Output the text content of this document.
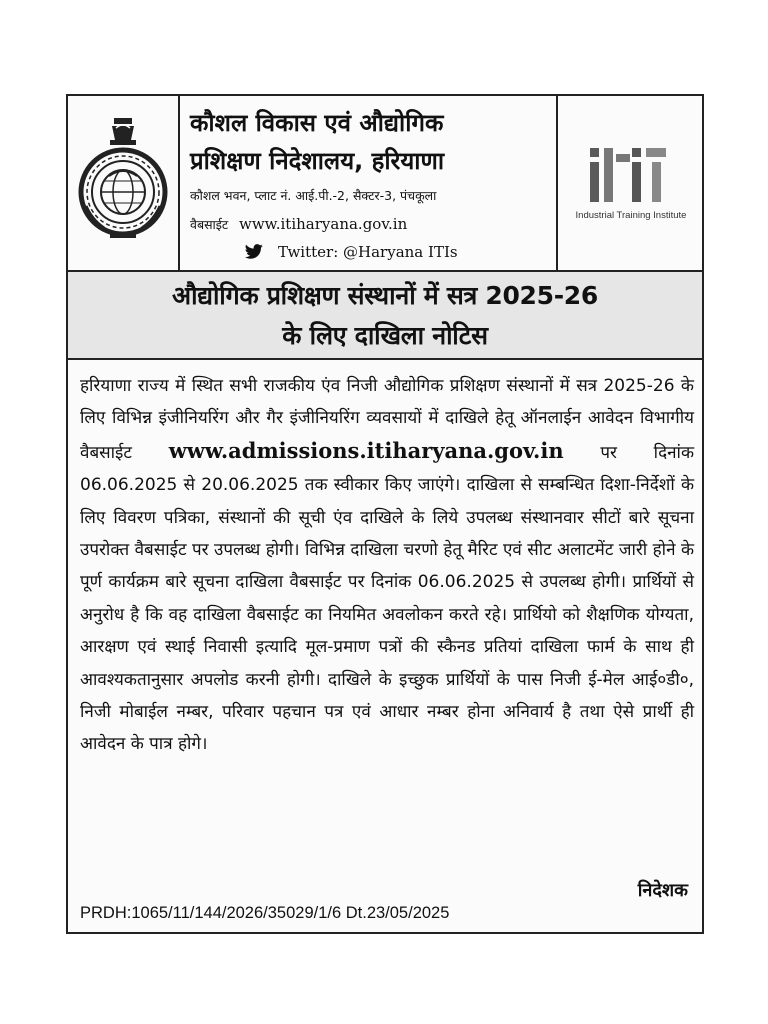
कौशल विकास एवं औद्योगिक
प्रशिक्षण निदेशालय, हरियाणा
कौशल भवन, प्लाट नं. आई.पी.-2, सैक्टर-3, पंचकूला
वैबसाईट www.itiharyana.gov.in
Twitter: @Haryana ITIs
Industrial Training Institute
औद्योगिक प्रशिक्षण संस्थानों में सत्र 2025-26
के लिए दाखिला नोटिस
हरियाणा राज्य में स्थित सभी राजकीय एंव निजी औद्योगिक प्रशिक्षण संस्थानों में सत्र 2025-26 के लिए विभिन्न इंजीनियरिंग और गैर इंजीनियरिंग व्यवसायों में दाखिले हेतू ऑनलाईन आवेदन विभागीय वैबसाईट www.admissions.itiharyana.gov.in पर दिनांक 06.06.2025 से 20.06.2025 तक स्वीकार किए जाएंगे। दाखिला से सम्बन्धित दिशा-निर्देशों के लिए विवरण पत्रिका, संस्थानों की सूची एंव दाखिले के लिये उपलब्ध संस्थानवार सीटों बारे सूचना उपरोक्त वैबसाईट पर उपलब्ध होगी। विभिन्न दाखिला चरणो हेतू मैरिट एवं सीट अलाटमेंट जारी होने के पूर्ण कार्यक्रम बारे सूचना दाखिला वैबसाईट पर दिनांक 06.06.2025 से उपलब्ध होगी। प्रार्थियों से अनुरोध है कि वह दाखिला वैबसाईट का नियमित अवलोकन करते रहे। प्रार्थियो को शैक्षणिक योग्यता, आरक्षण एवं स्थाई निवासी इत्यादि मूल-प्रमाण पत्रों की स्कैनड प्रतियां दाखिला फार्म के साथ ही आवश्यकतानुसार अपलोड करनी होगी। दाखिले के इच्छुक प्रार्थियों के पास निजी ई-मेल आई०डी०, निजी मोबाईल नम्बर, परिवार पहचान पत्र एवं आधार नम्बर होना अनिवार्य है तथा ऐसे प्रार्थी ही आवेदन के पात्र होगे।
निदेशक
PRDH:1065/11/144/2026/35029/1/6 Dt.23/05/2025
